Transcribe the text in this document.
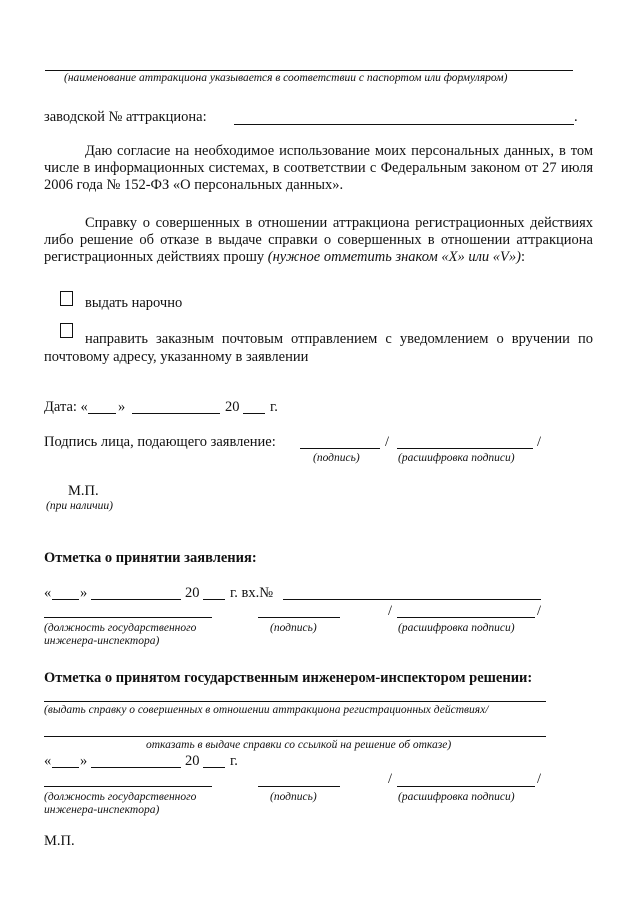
(наименование аттракциона указывается в соответствии с паспортом или формуляром)
заводской № аттракциона:	.
Даю согласие на необходимое использование моих персональных данных, в том числе в информационных системах, в соответствии с Федеральным законом от 27 июля 2006 года № 152-ФЗ «О персональных данных».
Справку о совершенных в отношении аттракциона регистрационных действиях либо решение об отказе в выдаче справки о совершенных в отношении аттракциона регистрационных действиях прошу (нужное отметить знаком «X» или «V»):
выдать нарочно
направить заказным почтовым отправлением с уведомлением о вручении по почтовому адресу, указанному в заявлении
Дата: « »	20 г.
Подпись лица, подающего заявление:	/	/
(подпись)	(расшифровка подписи)
М.П.
(при наличии)
Отметка о принятии заявления:
« »	20 г. вх.№
/	/
(должность государственного инженера-инспектора)
(подпись)	(расшифровка подписи)
Отметка о принятом государственным инженером-инспектором решении:
(выдать справку о совершенных в отношении аттракциона регистрационных действиях/
отказать в выдаче справки со ссылкой на решение об отказе)
« »	20 г.
/	/
(должность государственного инженера-инспектора)
(подпись)	(расшифровка подписи)
М.П.
